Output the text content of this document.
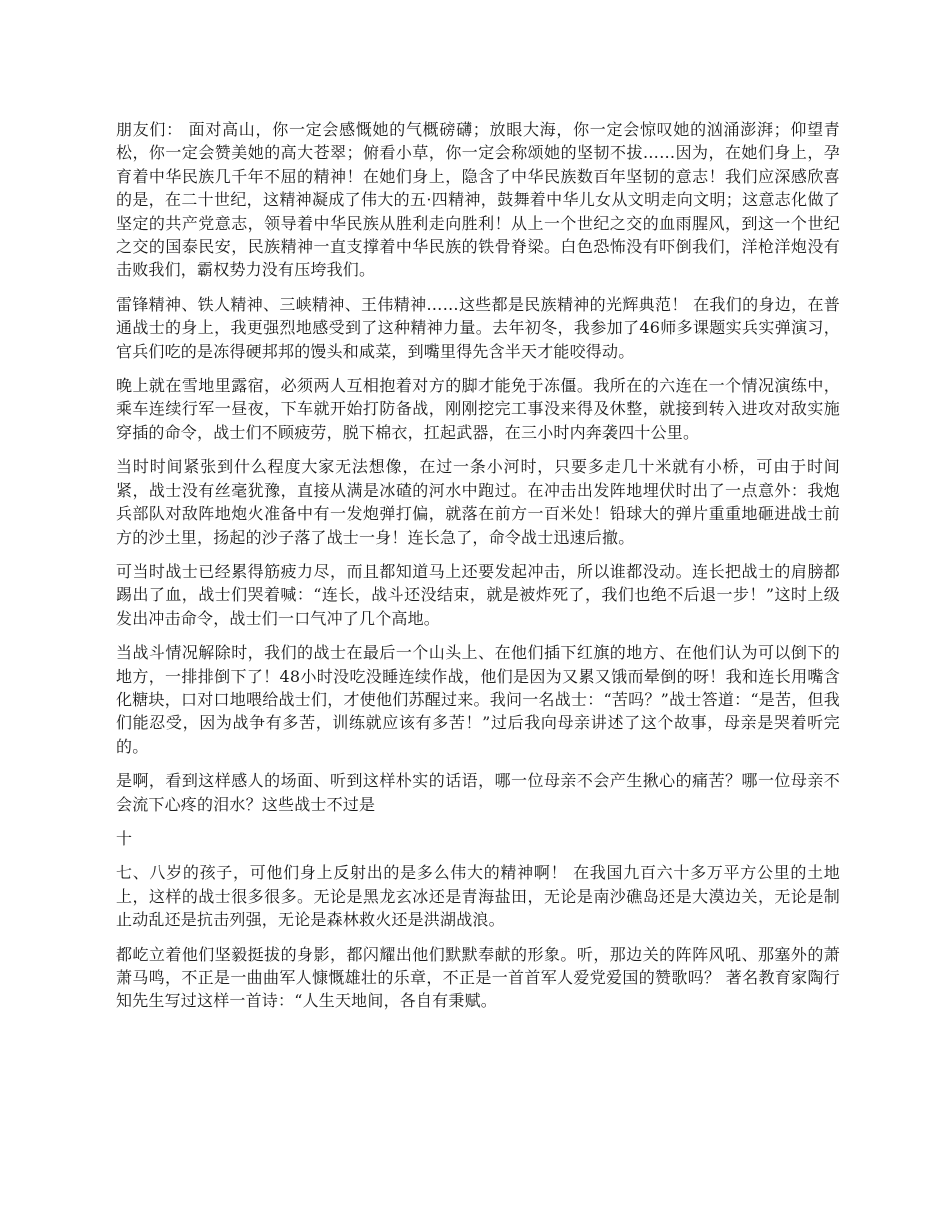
朋友们： 面对高山，你一定会感慨她的气概磅礴；放眼大海，你一定会惊叹她的汹涌澎湃；仰望青松，你一定会赞美她的高大苍翠；俯看小草，你一定会称颂她的坚韧不拔……因为，在她们身上，孕育着中华民族几千年不屈的精神！在她们身上，隐含了中华民族数百年坚韧的意志！我们应深感欣喜的是，在二十世纪，这精神凝成了伟大的五·四精神，鼓舞着中华儿女从文明走向文明；这意志化做了坚定的共产党意志，领导着中华民族从胜利走向胜利！从上一个世纪之交的血雨腥风，到这一个世纪之交的国泰民安，民族精神一直支撑着中华民族的铁骨脊梁。白色恐怖没有吓倒我们，洋枪洋炮没有击败我们，霸权势力没有压垮我们。

雷锋精神、铁人精神、三峡精神、王伟精神……这些都是民族精神的光辉典范！ 在我们的身边，在普通战士的身上，我更强烈地感受到了这种精神力量。去年初冬，我参加了46师多课题实兵实弹演习，官兵们吃的是冻得硬邦邦的馒头和咸菜，到嘴里得先含半天才能咬得动。

晚上就在雪地里露宿，必须两人互相抱着对方的脚才能免于冻僵。我所在的六连在一个情况演练中，乘车连续行军一昼夜，下车就开始打防备战，刚刚挖完工事没来得及休整，就接到转入进攻对敌实施穿插的命令，战士们不顾疲劳，脱下棉衣，扛起武器，在三小时内奔袭四十公里。

当时时间紧张到什么程度大家无法想像，在过一条小河时，只要多走几十米就有小桥，可由于时间紧，战士没有丝毫犹豫，直接从满是冰碴的河水中跑过。在冲击出发阵地埋伏时出了一点意外：我炮兵部队对敌阵地炮火准备中有一发炮弹打偏，就落在前方一百米处！铅球大的弹片重重地砸进战士前方的沙土里，扬起的沙子落了战士一身！连长急了，命令战士迅速后撤。

可当时战士已经累得筋疲力尽，而且都知道马上还要发起冲击，所以谁都没动。连长把战士的肩膀都踢出了血，战士们哭着喊：“连长，战斗还没结束，就是被炸死了，我们也绝不后退一步！”这时上级发出冲击命令，战士们一口气冲了几个高地。

当战斗情况解除时，我们的战士在最后一个山头上、在他们插下红旗的地方、在他们认为可以倒下的地方，一排排倒下了！48小时没吃没睡连续作战，他们是因为又累又饿而晕倒的呀！我和连长用嘴含化糖块，口对口地喂给战士们，才使他们苏醒过来。我问一名战士：“苦吗？”战士答道：“是苦，但我们能忍受，因为战争有多苦，训练就应该有多苦！”过后我向母亲讲述了这个故事，母亲是哭着听完的。

是啊，看到这样感人的场面、听到这样朴实的话语，哪一位母亲不会产生揪心的痛苦？哪一位母亲不会流下心疼的泪水？这些战士不过是

十

七、八岁的孩子，可他们身上反射出的是多么伟大的精神啊！ 在我国九百六十多万平方公里的土地上，这样的战士很多很多。无论是黑龙玄冰还是青海盐田，无论是南沙礁岛还是大漠边关，无论是制止动乱还是抗击列强，无论是森林救火还是洪湖战浪。

都屹立着他们坚毅挺拔的身影，都闪耀出他们默默奉献的形象。听，那边关的阵阵风吼、那塞外的萧萧马鸣，不正是一曲曲军人慷慨雄壮的乐章，不正是一首首军人爱党爱国的赞歌吗？ 著名教育家陶行知先生写过这样一首诗：“人生天地间，各自有秉赋。
